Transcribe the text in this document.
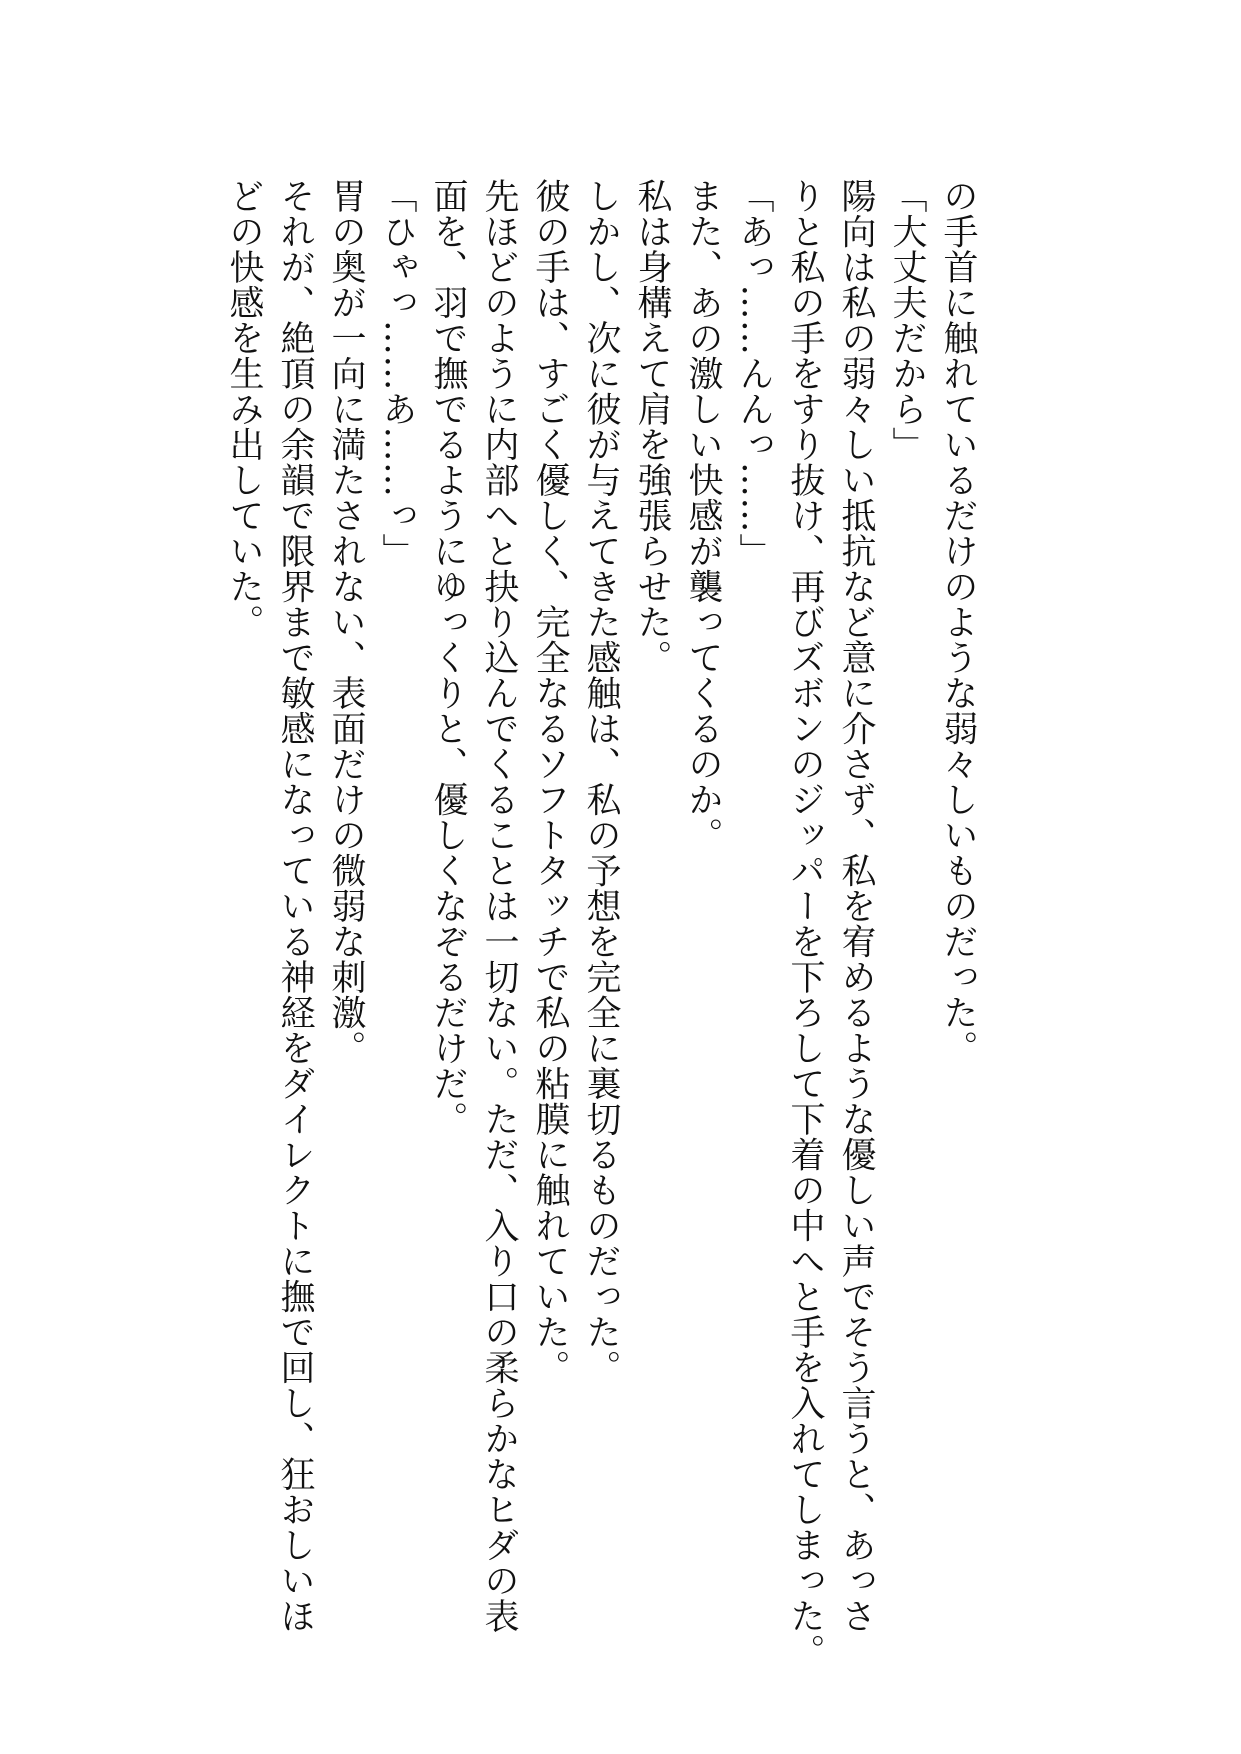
の手首に触れているだけのような弱々しいものだった。
「大丈夫だから」
陽向は私の弱々しい抵抗など意に介さず、私を宥めるような優しい声でそう言うと、あっさ
りと私の手をすり抜け、再びズボンのジッパーを下ろして下着の中へと手を入れてしまった。
「あっ……んんっ……」
また、あの激しい快感が襲ってくるのか。
私は身構えて肩を強張らせた。
しかし、次に彼が与えてきた感触は、私の予想を完全に裏切るものだった。
彼の手は、すごく優しく、完全なるソフトタッチで私の粘膜に触れていた。
先ほどのように内部へと抉り込んでくることは一切ない。ただ、入り口の柔らかなヒダの表
面を、羽で撫でるようにゆっくりと、優しくなぞるだけだ。
「ひゃっ……あ……っ」
胃の奥が一向に満たされない、表面だけの微弱な刺激。
それが、絶頂の余韻で限界まで敏感になっている神経をダイレクトに撫で回し、狂おしいほ
どの快感を生み出していた。
